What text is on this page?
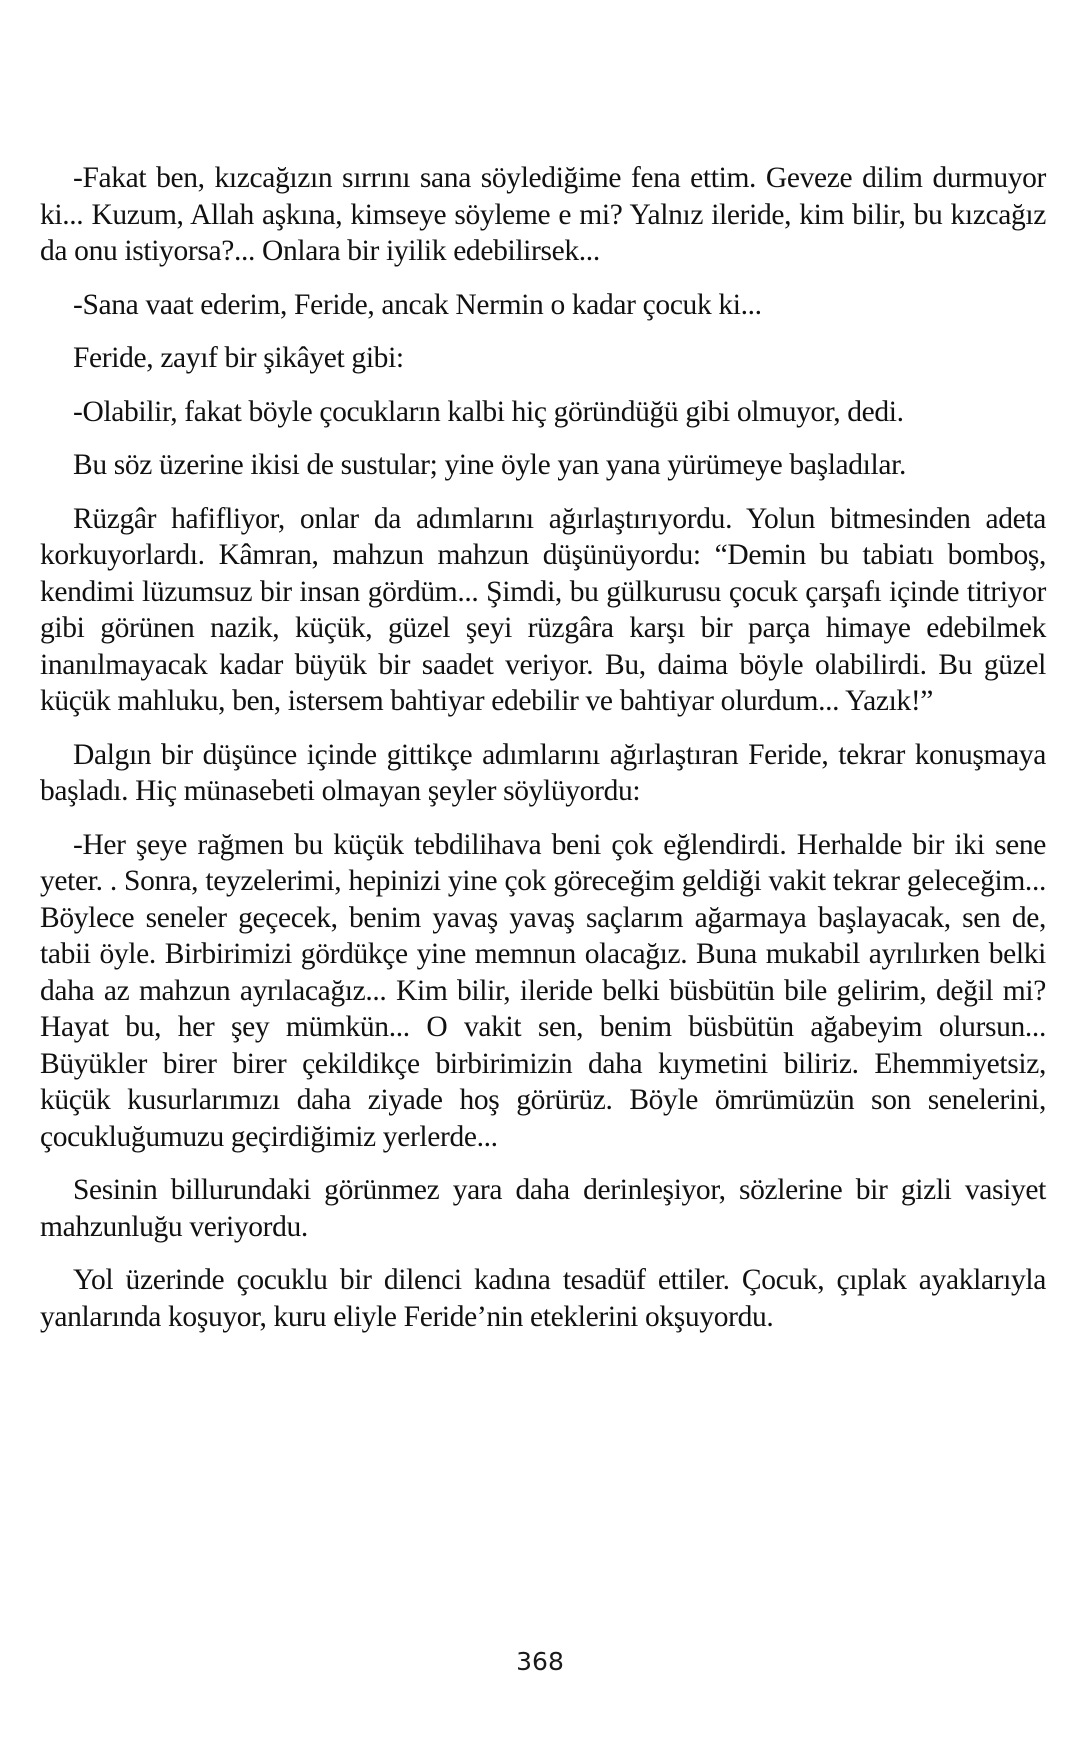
-Fakat ben, kızcağızın sırrını sana söylediğime fena ettim. Geveze dilim durmuyor ki... Kuzum, Allah aşkına, kimseye söyleme e mi? Yalnız ileride, kim bilir, bu kızcağız da onu istiyorsa?... Onlara bir iyilik edebilirsek...

-Sana vaat ederim, Feride, ancak Nermin o kadar çocuk ki...

Feride, zayıf bir şikâyet gibi:

-Olabilir, fakat böyle çocukların kalbi hiç göründüğü gibi olmuyor, dedi.

Bu söz üzerine ikisi de sustular; yine öyle yan yana yürümeye başladılar.

Rüzgâr hafifliyor, onlar da adımlarını ağırlaştırıyordu. Yolun bitmesinden adeta korkuyorlardı. Kâmran, mahzun mahzun düşünüyordu: “Demin bu tabiatı bomboş, kendimi lüzumsuz bir insan gördüm... Şimdi, bu gülkurusu çocuk çarşafı içinde titriyor gibi görünen nazik, küçük, güzel şeyi rüzgâra karşı bir parça himaye edebilmek inanılmayacak kadar büyük bir saadet veriyor. Bu, daima böyle olabilirdi. Bu güzel küçük mahluku, ben, istersem bahtiyar edebilir ve bahtiyar olurdum... Yazık!”

Dalgın bir düşünce içinde gittikçe adımlarını ağırlaştıran Feride, tekrar konuşmaya başladı. Hiç münasebeti olmayan şeyler söylüyordu:

-Her şeye rağmen bu küçük tebdilihava beni çok eğlendirdi. Herhalde bir iki sene yeter. . Sonra, teyzelerimi, hepinizi yine çok göreceğim geldiği vakit tekrar geleceğim... Böylece seneler geçecek, benim yavaş yavaş saçlarım ağarmaya başlayacak, sen de, tabii öyle. Birbirimizi gördükçe yine memnun olacağız. Buna mukabil ayrılırken belki daha az mahzun ayrılacağız... Kim bilir, ileride belki büsbütün bile gelirim, değil mi? Hayat bu, her şey mümkün... O vakit sen, benim büsbütün ağabeyim olursun... Büyükler birer birer çekildikçe birbirimizin daha kıymetini biliriz. Ehemmiyetsiz, küçük kusurlarımızı daha ziyade hoş görürüz. Böyle ömrümüzün son senelerini, çocukluğumuzu geçirdiğimiz yerlerde...

Sesinin billurundaki görünmez yara daha derinleşiyor, sözlerine bir gizli vasiyet mahzunluğu veriyordu.

Yol üzerinde çocuklu bir dilenci kadına tesadüf ettiler. Çocuk, çıplak ayaklarıyla yanlarında koşuyor, kuru eliyle Feride’nin eteklerini okşuyordu.

368
